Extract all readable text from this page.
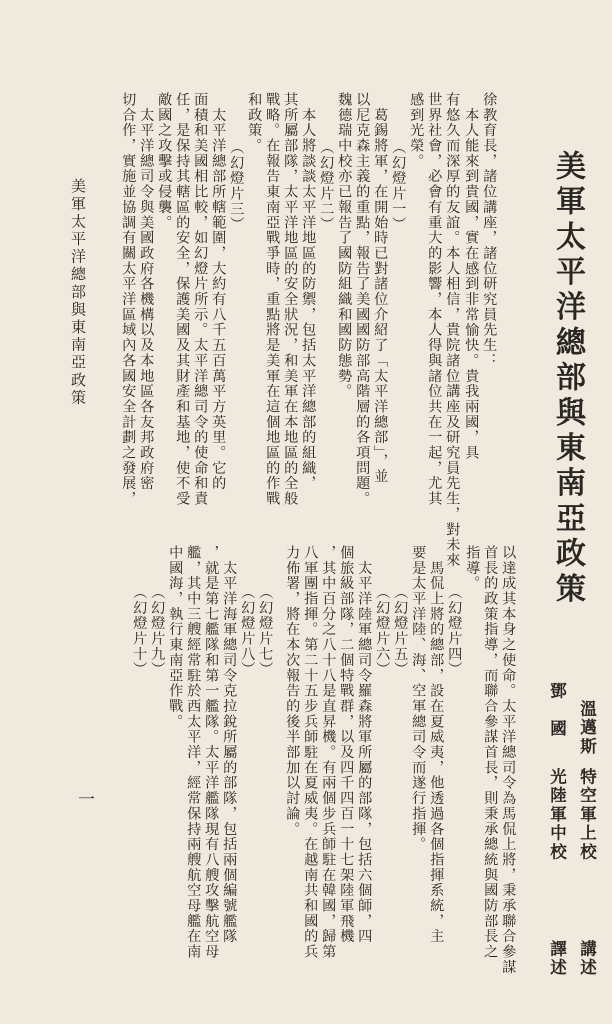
美軍太平洋總部與東南亞政策
溫邁斯
特空軍上校
講述
鄧　國
光陸軍中校
譯述
徐教育長，諸位講座，諸位研究員先生：
　本人能來到貴國，實在感到非常愉快。貴我兩國，具
有悠久而深厚的友誼。本人相信，貴院諸位講座及研究員先生，對未來
世界社會，必會有重大的影響，本人得與諸位共在一起，尤其
感到光榮。
（幻燈片一）
　葛錫將軍，在開始時已對諸位介紹了「太平洋總部」，並
以尼克森主義的重點，報告了美國國防部高階層的各項問題。
魏德瑞中校亦已報告了國防組織和國防態勢。
（幻燈片二）
　本人將談談太平洋地區的防禦，包括太平洋總部的組織，
其所屬部隊，太平洋地區的安全狀況，和美軍在本地區的全般
戰略。在報告東南亞戰爭時，重點將是美軍在這個地區的作戰
和政策。
（幻燈片三）
　太平洋總部所轄範圍，大約有八千五百萬平方英里。它的
面積和美國相比較，如幻燈片所示。太平洋總司令的使命和責
任，是保持其轄區的安全，保護美國及其財產和基地，使不受
敵國之攻擊或侵襲。
　太平洋總司令與美國政府各機構以及本地區各友邦政府密
切合作，實施並協調有關太平洋區域內各國安全計劃之發展，
以達成其本身之使命。太平洋總司令為馬侃上將，秉承聯合參謀
首長的政策指導，而聯合參謀首長，則秉承總統與國防部長之
指導。
（幻燈片四）
　馬侃上將的總部，設在夏威夷，他透過各個指揮系統，主
要是太平洋陸、海、空軍總司令而遂行指揮。
（幻燈片五）
（幻燈片六）
　太平洋陸軍總司令羅森將軍所屬的部隊，包括六個師，四
個旅級部隊，二個特戰群，以及四千四百一十七架陸軍飛機
，其中百分之八十八是直昇機。有兩個步兵師駐在韓國，歸第
八軍團指揮。第二十五步兵師駐在夏威夷。在越南共和國的兵
力佈署，將在本次報告的後半部加以討論。
（幻燈片七）
（幻燈片八）
　太平洋海軍總司令克拉銳所屬的部隊，包括兩個編號艦隊
，就是第七艦隊和第一艦隊。太平洋艦隊現有八艘攻擊航空母
艦，其中三艘經常駐於西太平洋，經常保持兩艘航空母艦在南
中國海，執行東南亞作戰。
（幻燈片九）
（幻燈片十）
美軍太平洋總部與東南亞政策
一
